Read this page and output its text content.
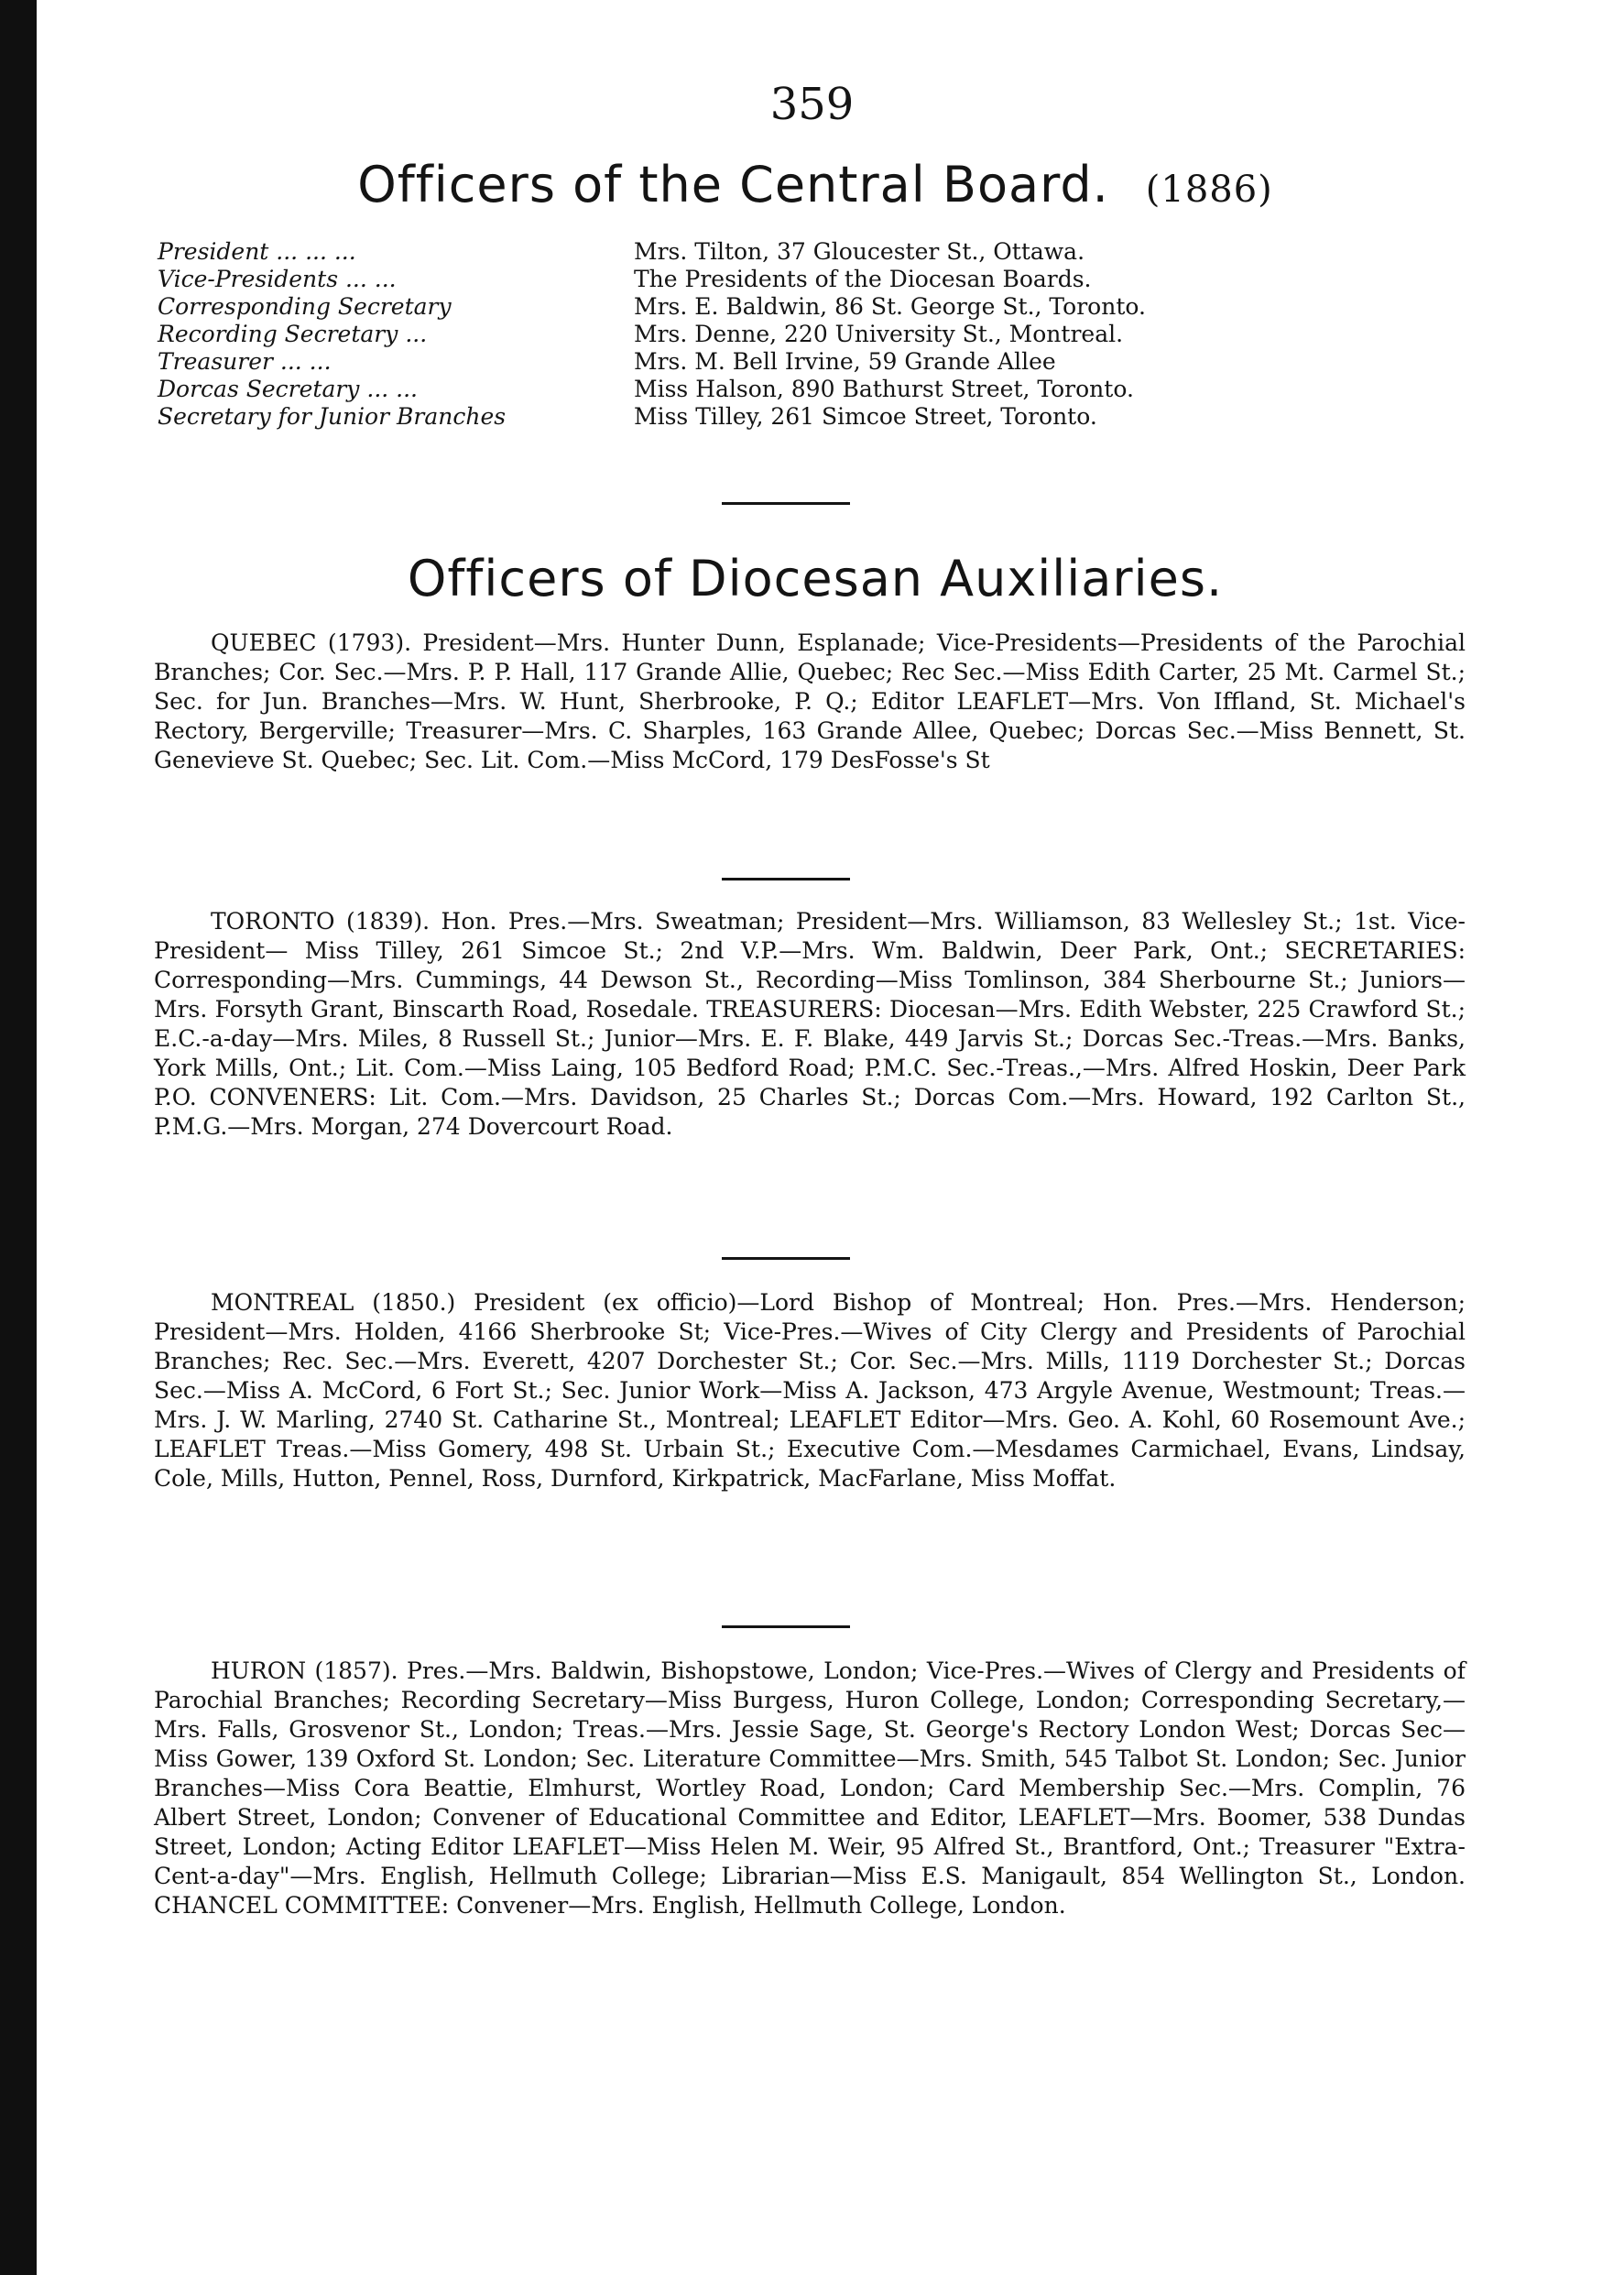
359
Officers of the Central Board. (1886)
President ... ... ...	Mrs. Tilton, 37 Gloucester St., Ottawa.
Vice-Presidents ... ...	The Presidents of the Diocesan Boards.
Corresponding Secretary	Mrs. E. Baldwin, 86 St. George St., Toronto.
Recording Secretary ...	Mrs. Denne, 220 University St., Montreal.
Treasurer ... ...	Mrs. M. Bell Irvine, 59 Grande Allee
Dorcas Secretary ... ...	Miss Halson, 890 Bathurst Street, Toronto.
Secretary for Junior Branches	Miss Tilley, 261 Simcoe Street, Toronto.
Officers of Diocesan Auxiliaries.

QUEBEC (1793). President—Mrs. Hunter Dunn, Esplanade; Vice-Presidents—Presidents of the Parochial Branches; Cor. Sec.—Mrs. P. P. Hall, 117 Grande Allie, Quebec; Rec Sec.—Miss Edith Carter, 25 Mt. Carmel St.; Sec. for Jun. Branches—Mrs. W. Hunt, Sherbrooke, P. Q.; Editor LEAFLET—Mrs. Von Iffland, St. Michael's Rectory, Bergerville; Treasurer—Mrs. C. Sharples, 163 Grande Allee, Quebec; Dorcas Sec.—Miss Bennett, St. Genevieve St. Quebec; Sec. Lit. Com.—Miss McCord, 179 DesFosse's St

TORONTO (1839). Hon. Pres.—Mrs. Sweatman; President—Mrs. Williamson, 83 Wellesley St.; 1st. Vice-President— Miss Tilley, 261 Simcoe St.; 2nd V.P.—Mrs. Wm. Baldwin, Deer Park, Ont.; SECRETARIES: Corresponding—Mrs. Cummings, 44 Dewson St., Recording—Miss Tomlinson, 384 Sherbourne St.; Juniors—Mrs. Forsyth Grant, Binscarth Road, Rosedale. TREASURERS: Diocesan—Mrs. Edith Webster, 225 Crawford St.; E.C.-a-day—Mrs. Miles, 8 Russell St.; Junior—Mrs. E. F. Blake, 449 Jarvis St.; Dorcas Sec.-Treas.—Mrs. Banks, York Mills, Ont.; Lit. Com.—Miss Laing, 105 Bedford Road; P.M.C. Sec.-Treas.,—Mrs. Alfred Hoskin, Deer Park P.O. CONVENERS: Lit. Com.—Mrs. Davidson, 25 Charles St.; Dorcas Com.—Mrs. Howard, 192 Carlton St., P.M.G.—Mrs. Morgan, 274 Dovercourt Road.

MONTREAL (1850.) President (ex officio)—Lord Bishop of Montreal; Hon. Pres.—Mrs. Henderson; President—Mrs. Holden, 4166 Sherbrooke St; Vice-Pres.—Wives of City Clergy and Presidents of Parochial Branches; Rec. Sec.—Mrs. Everett, 4207 Dorchester St.; Cor. Sec.—Mrs. Mills, 1119 Dorchester St.; Dorcas Sec.—Miss A. McCord, 6 Fort St.; Sec. Junior Work—Miss A. Jackson, 473 Argyle Avenue, Westmount; Treas.—Mrs. J. W. Marling, 2740 St. Catharine St., Montreal; LEAFLET Editor—Mrs. Geo. A. Kohl, 60 Rosemount Ave.; LEAFLET Treas.—Miss Gomery, 498 St. Urbain St.; Executive Com.—Mesdames Carmichael, Evans, Lindsay, Cole, Mills, Hutton, Pennel, Ross, Durnford, Kirkpatrick, MacFarlane, Miss Moffat.

HURON (1857). Pres.—Mrs. Baldwin, Bishopstowe, London; Vice-Pres.—Wives of Clergy and Presidents of Parochial Branches; Recording Secretary—Miss Burgess, Huron College, London; Corresponding Secretary,—Mrs. Falls, Grosvenor St., London; Treas.—Mrs. Jessie Sage, St. George's Rectory London West; Dorcas Sec—Miss Gower, 139 Oxford St. London; Sec. Literature Committee—Mrs. Smith, 545 Talbot St. London; Sec. Junior Branches—Miss Cora Beattie, Elmhurst, Wortley Road, London; Card Membership Sec.—Mrs. Complin, 76 Albert Street, London; Convener of Educational Committee and Editor, LEAFLET—Mrs. Boomer, 538 Dundas Street, London; Acting Editor LEAFLET—Miss Helen M. Weir, 95 Alfred St., Brantford, Ont.; Treasurer "Extra-Cent-a-day"—Mrs. English, Hellmuth College; Librarian—Miss E.S. Manigault, 854 Wellington St., London. CHANCEL COMMITTEE: Convener—Mrs. English, Hellmuth College, London.
